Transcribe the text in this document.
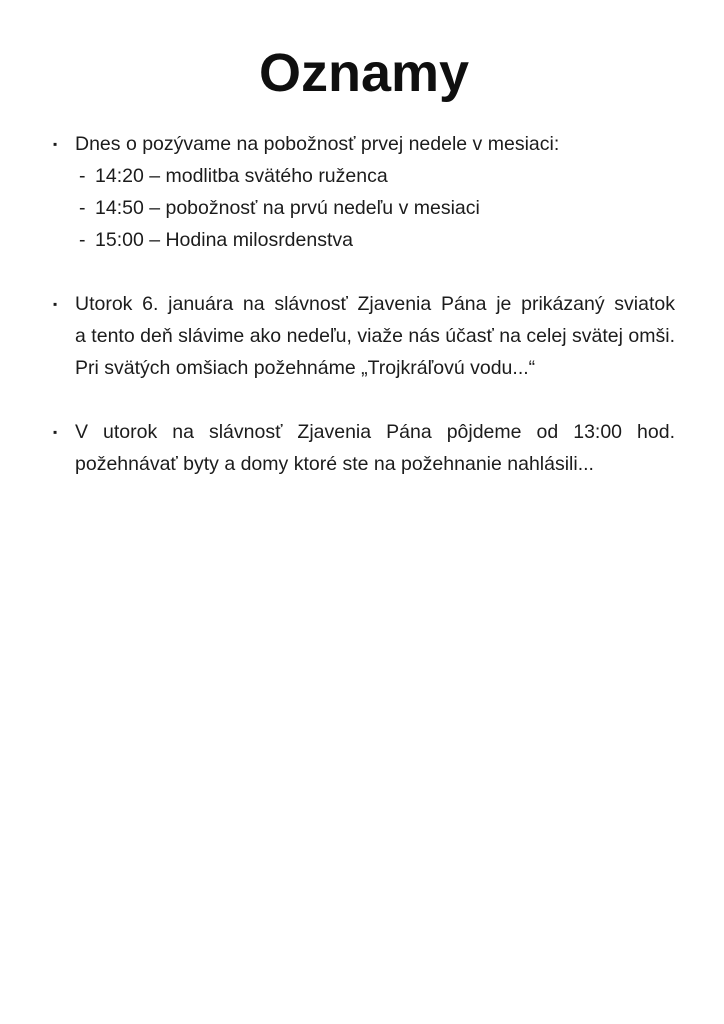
Oznamy
▪ Dnes o pozývame na pobožnosť prvej nedele v mesiaci:
- 14:20 – modlitba svätého ruženca
- 14:50 – pobožnosť na prvú nedeľu v mesiaci
- 15:00 – Hodina milosrdenstva
▪ Utorok 6. januára na slávnosť Zjavenia Pána je prikázaný sviatok
a tento deň slávime ako nedeľu, viaže nás účasť na celej svätej omši.
Pri svätých omšiach požehnáme „Trojkráľovú vodu...“
▪ V utorok na slávnosť Zjavenia Pána pôjdeme od 13:00 hod.
požehnávať byty a domy ktoré ste na požehnanie nahlásili...
